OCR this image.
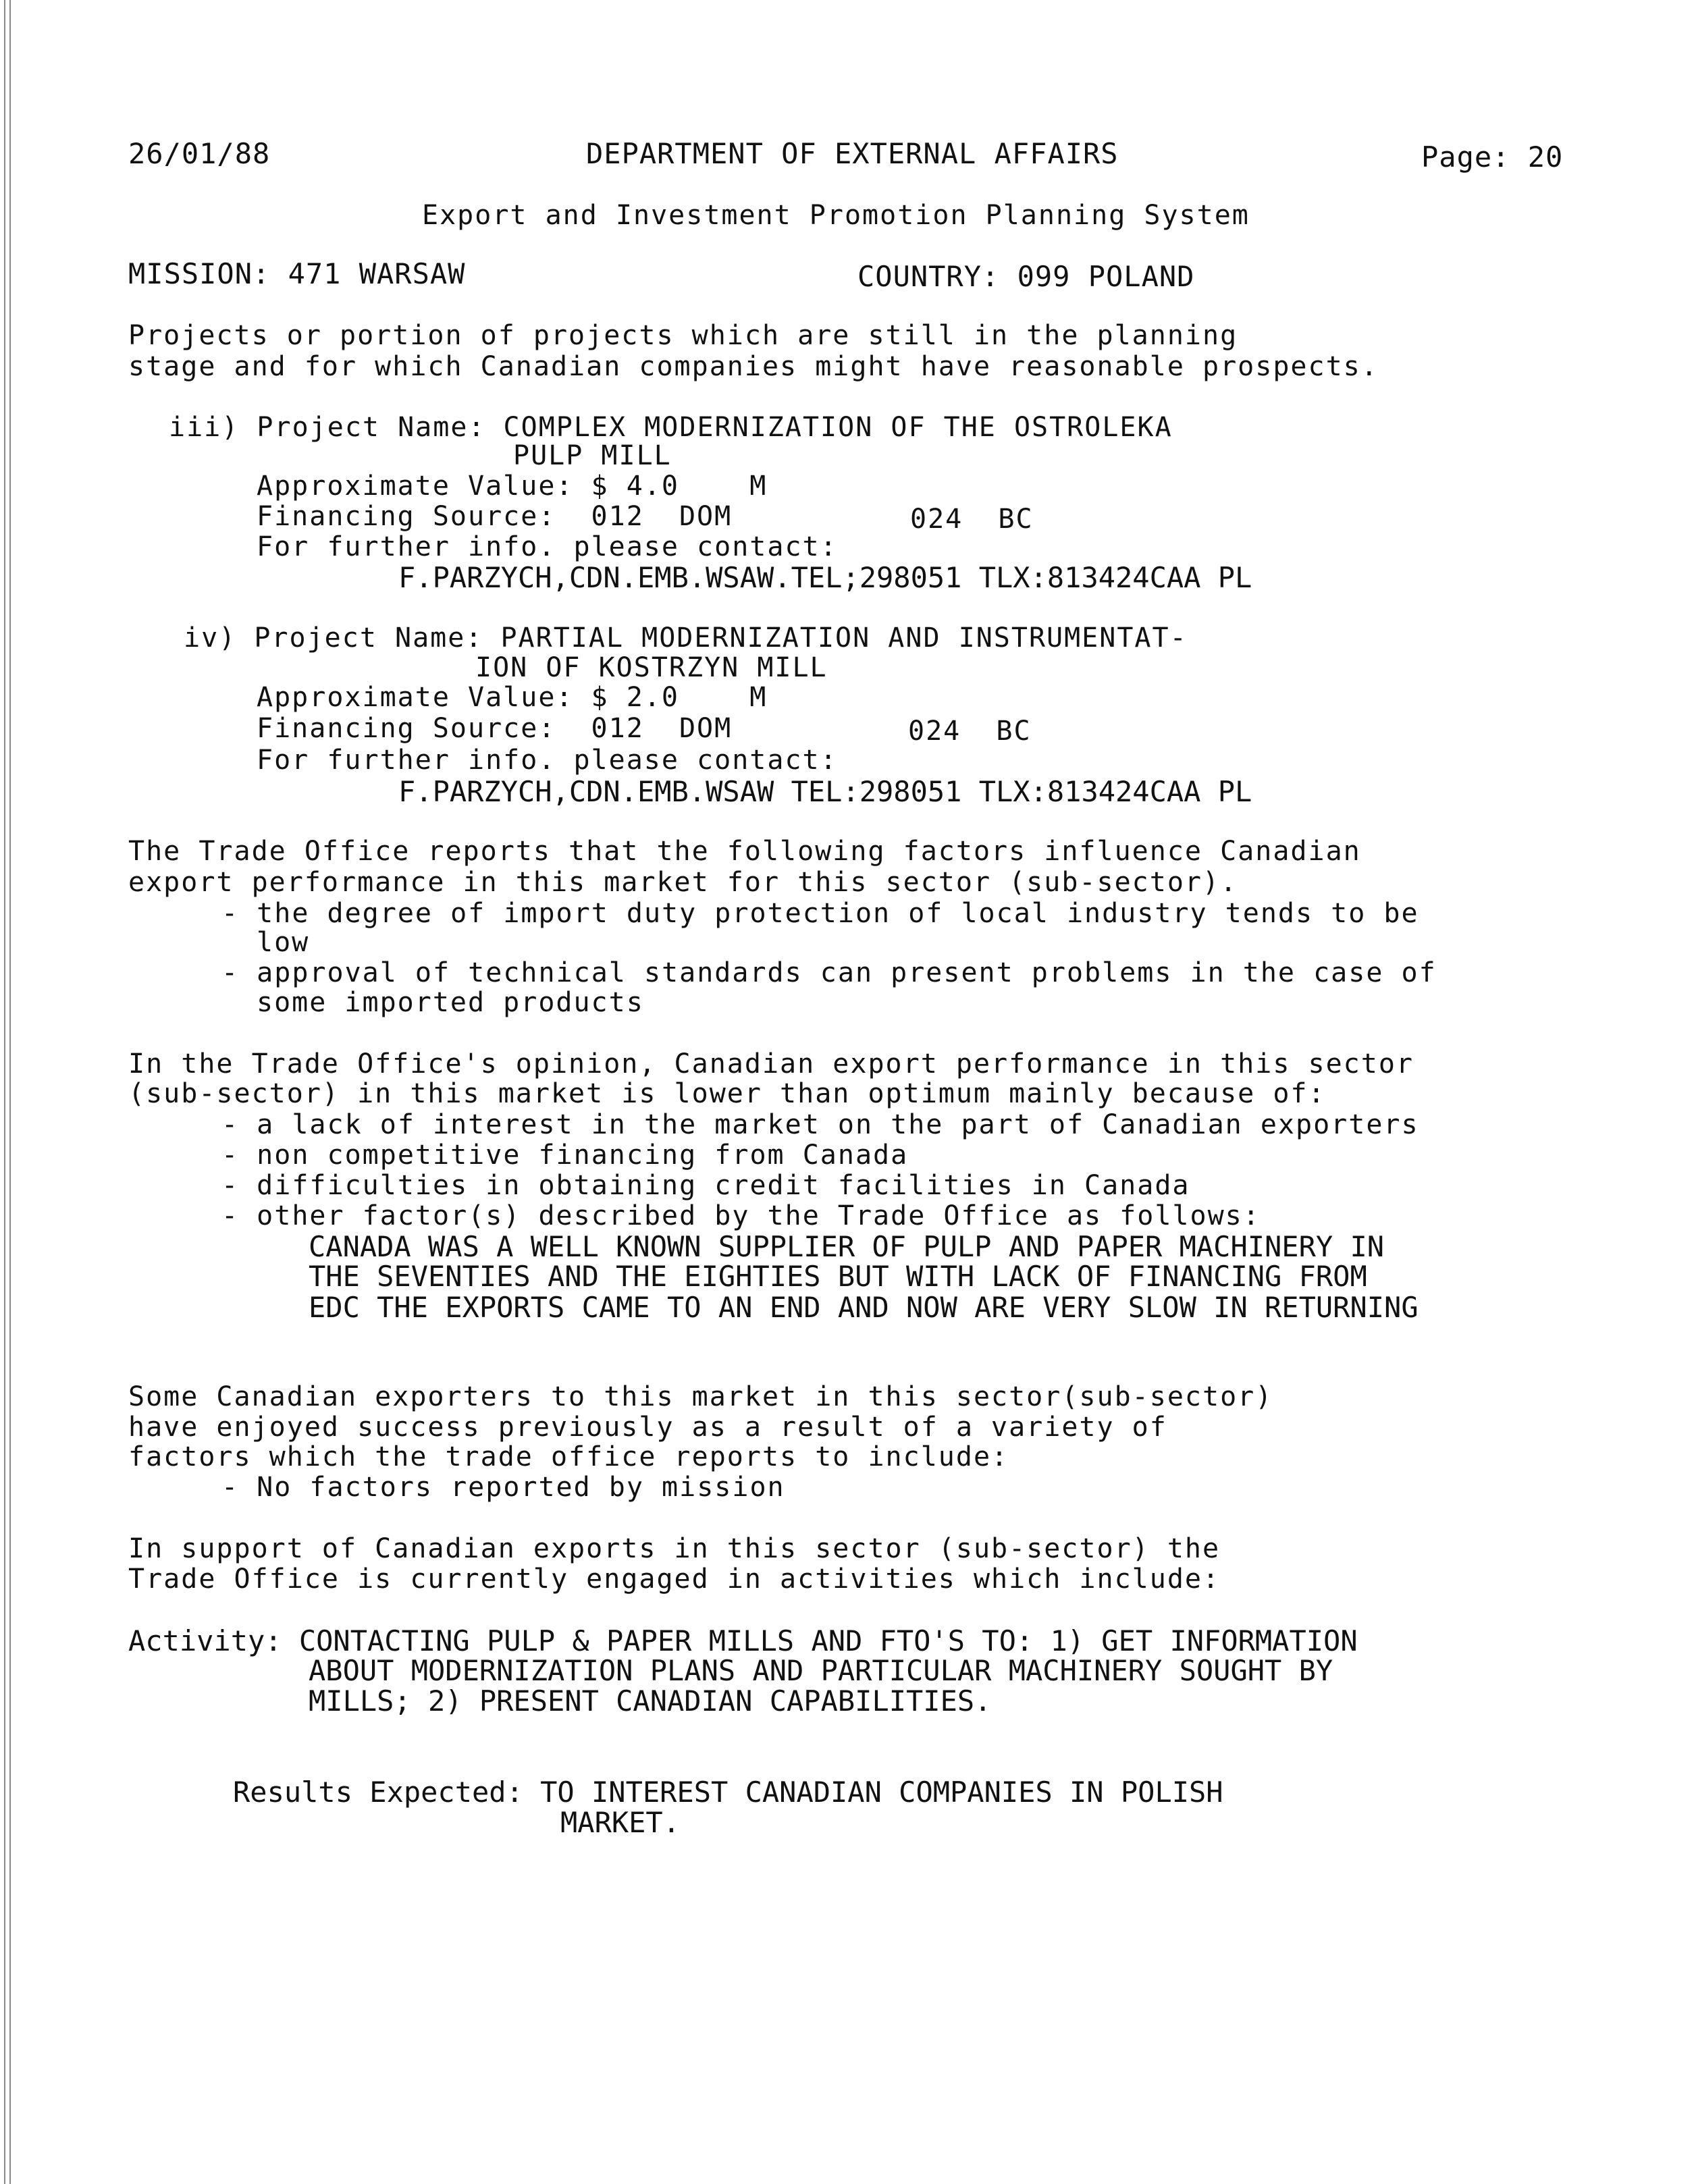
26/01/88	DEPARTMENT OF EXTERNAL AFFAIRS	Page: 20
Export and Investment Promotion Planning System
MISSION: 471 WARSAW	COUNTRY: 099 POLAND
Projects or portion of projects which are still in the planning
stage and for which Canadian companies might have reasonable prospects.
iii) Project Name: COMPLEX MODERNIZATION OF THE OSTROLEKA
PULP MILL
Approximate Value: $ 4.0    M
Financing Source:  012  DOM	024  BC
For further info. please contact:
F.PARZYCH,CDN.EMB.WSAW.TEL;298051 TLX:813424CAA PL
iv) Project Name: PARTIAL MODERNIZATION AND INSTRUMENTAT-
ION OF KOSTRZYN MILL
Approximate Value: $ 2.0    M
Financing Source:  012  DOM	024  BC
For further info. please contact:
F.PARZYCH,CDN.EMB.WSAW TEL:298051 TLX:813424CAA PL
The Trade Office reports that the following factors influence Canadian
export performance in this market for this sector (sub-sector).
- the degree of import duty protection of local industry tends to be
low
- approval of technical standards can present problems in the case of
some imported products
In the Trade Office's opinion, Canadian export performance in this sector
(sub-sector) in this market is lower than optimum mainly because of:
- a lack of interest in the market on the part of Canadian exporters
- non competitive financing from Canada
- difficulties in obtaining credit facilities in Canada
- other factor(s) described by the Trade Office as follows:
CANADA WAS A WELL KNOWN SUPPLIER OF PULP AND PAPER MACHINERY IN
THE SEVENTIES AND THE EIGHTIES BUT WITH LACK OF FINANCING FROM
EDC THE EXPORTS CAME TO AN END AND NOW ARE VERY SLOW IN RETURNING
Some Canadian exporters to this market in this sector(sub-sector)
have enjoyed success previously as a result of a variety of
factors which the trade office reports to include:
- No factors reported by mission
In support of Canadian exports in this sector (sub-sector) the
Trade Office is currently engaged in activities which include:
Activity: CONTACTING PULP & PAPER MILLS AND FTO'S TO: 1) GET INFORMATION
ABOUT MODERNIZATION PLANS AND PARTICULAR MACHINERY SOUGHT BY
MILLS; 2) PRESENT CANADIAN CAPABILITIES.
Results Expected: TO INTEREST CANADIAN COMPANIES IN POLISH
MARKET.
